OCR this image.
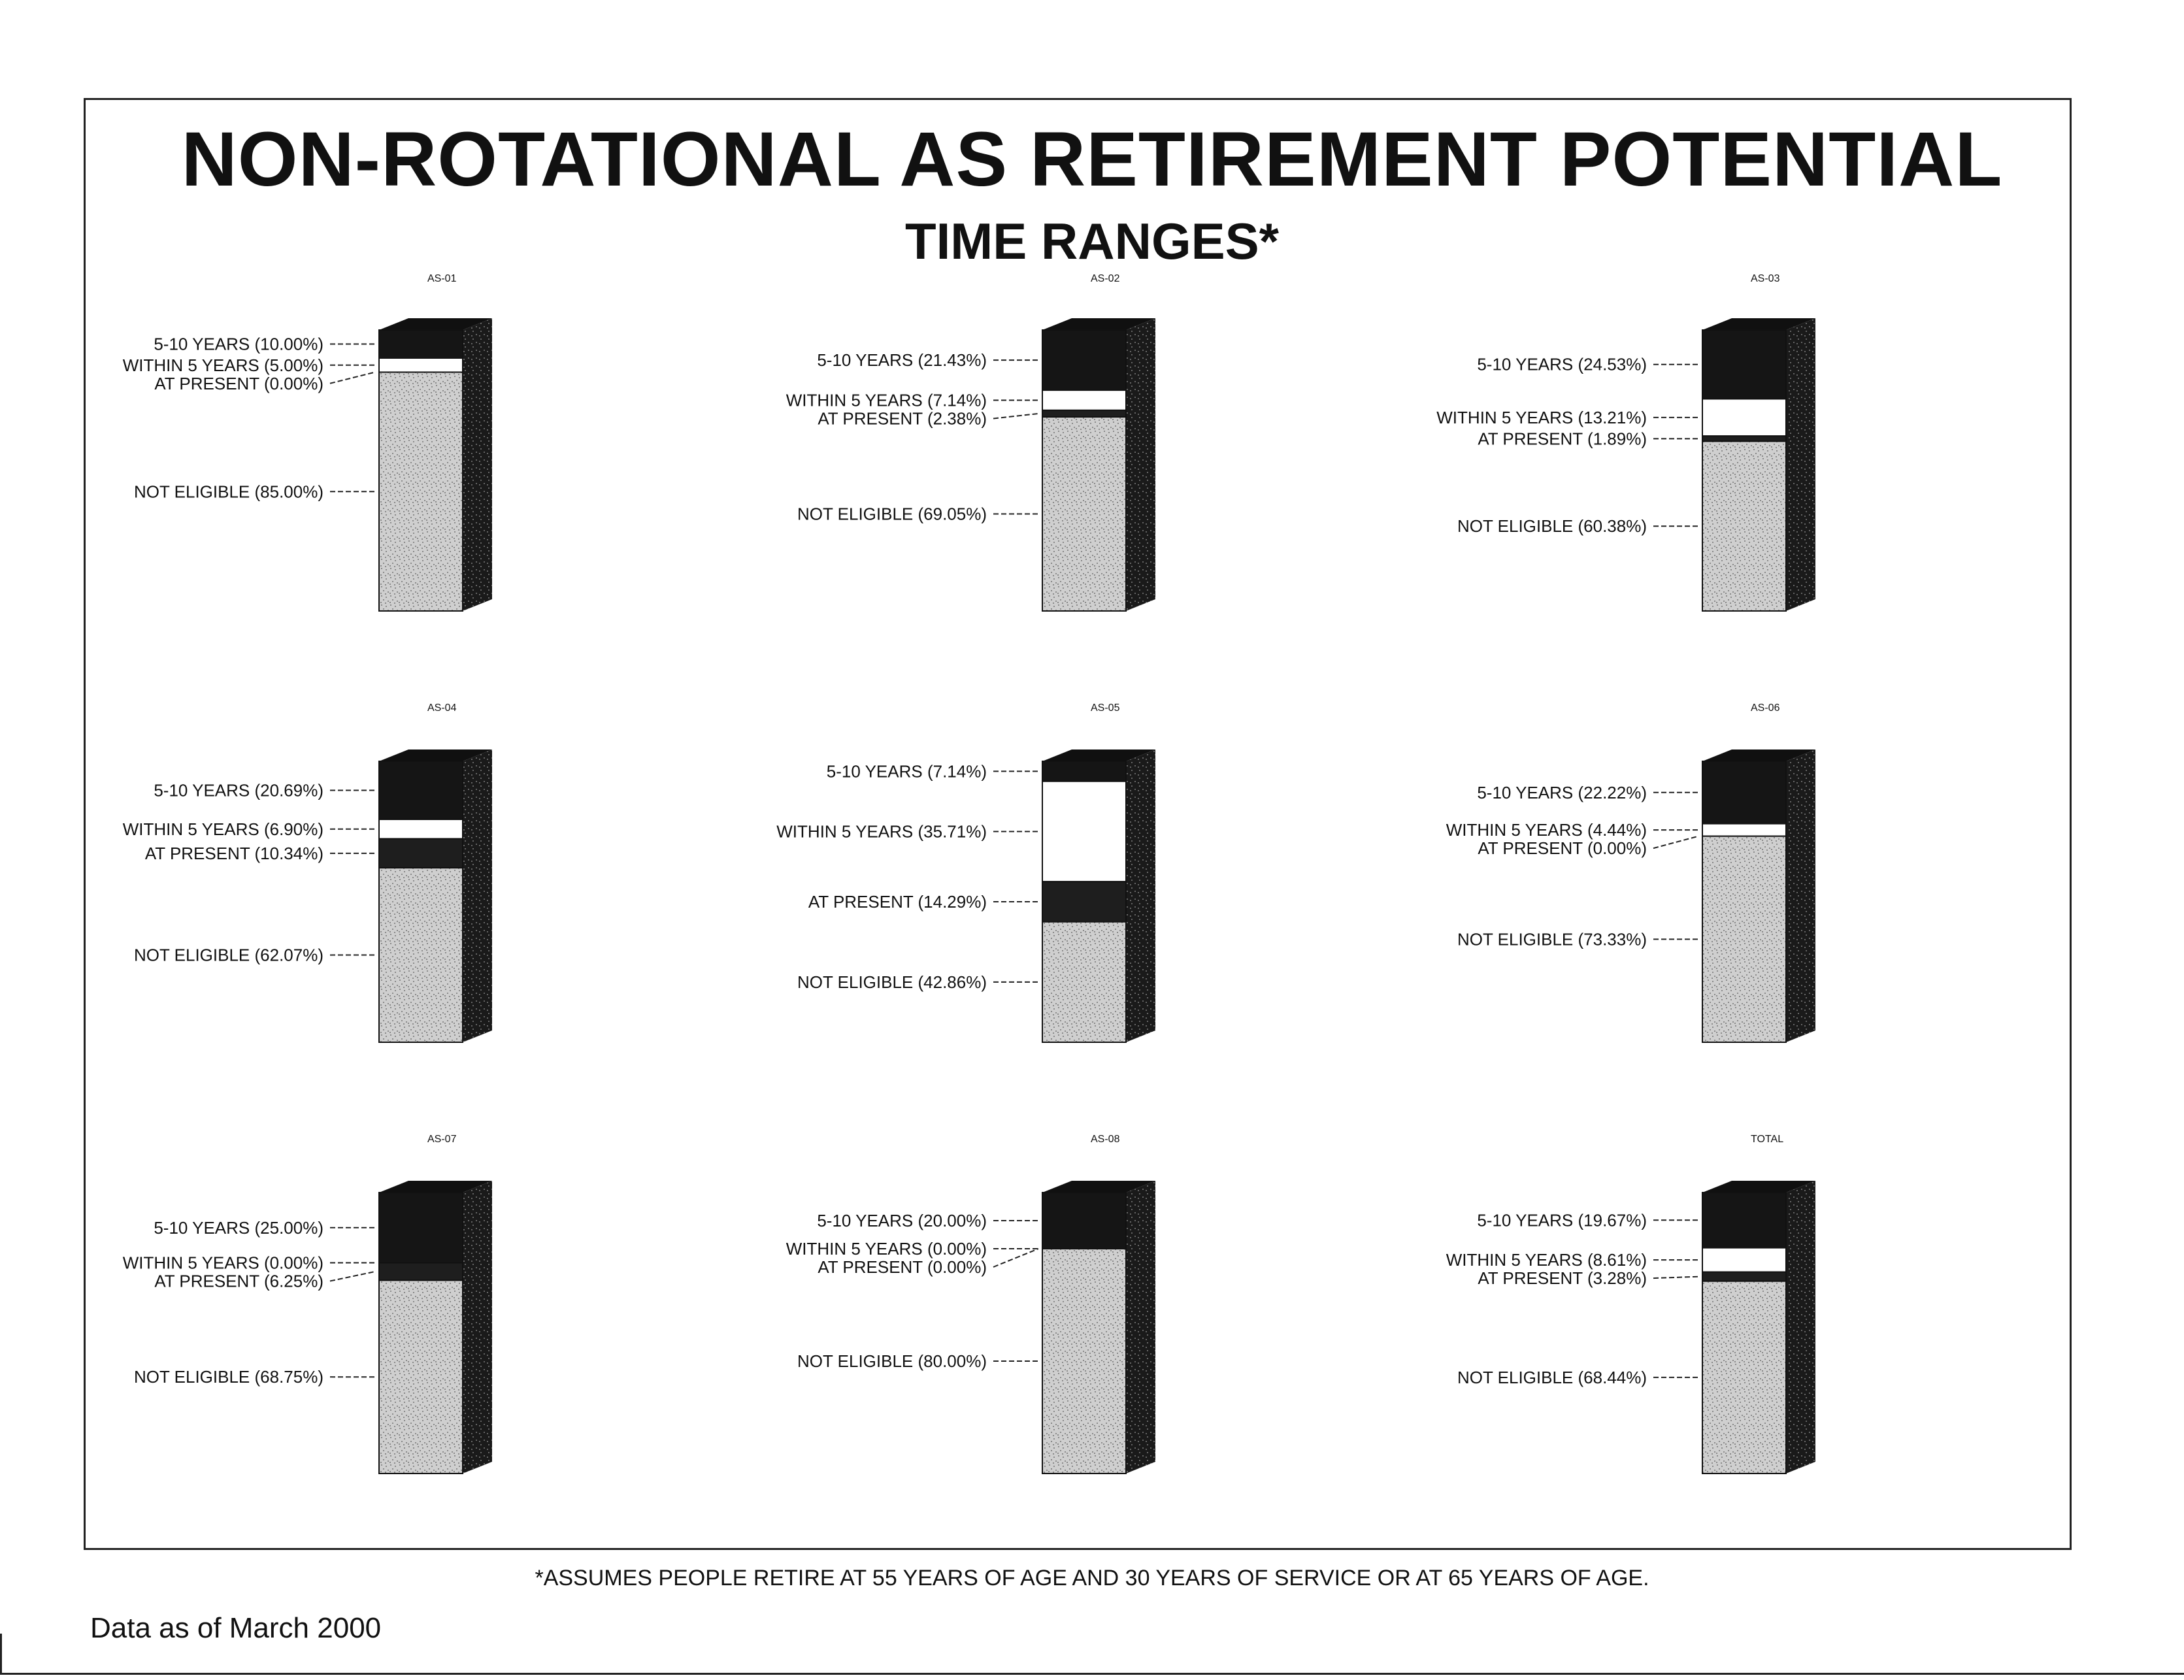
NON-ROTATIONAL AS RETIREMENT POTENTIAL
TIME RANGES*
AS-01
5-10 YEARS (10.00%)
WITHIN 5 YEARS (5.00%)
AT PRESENT (0.00%)
NOT ELIGIBLE (85.00%)
AS-02
5-10 YEARS (21.43%)
WITHIN 5 YEARS (7.14%)
AT PRESENT (2.38%)
NOT ELIGIBLE (69.05%)
AS-03
5-10 YEARS (24.53%)
WITHIN 5 YEARS (13.21%)
AT PRESENT (1.89%)
NOT ELIGIBLE (60.38%)
AS-04
5-10 YEARS (20.69%)
WITHIN 5 YEARS (6.90%)
AT PRESENT (10.34%)
NOT ELIGIBLE (62.07%)
AS-05
5-10 YEARS (7.14%)
WITHIN 5 YEARS (35.71%)
AT PRESENT (14.29%)
NOT ELIGIBLE (42.86%)
AS-06
5-10 YEARS (22.22%)
WITHIN 5 YEARS (4.44%)
AT PRESENT (0.00%)
NOT ELIGIBLE (73.33%)
AS-07
5-10 YEARS (25.00%)
WITHIN 5 YEARS (0.00%)
AT PRESENT (6.25%)
NOT ELIGIBLE (68.75%)
AS-08
5-10 YEARS (20.00%)
WITHIN 5 YEARS (0.00%)
AT PRESENT (0.00%)
NOT ELIGIBLE (80.00%)
TOTAL
5-10 YEARS (19.67%)
WITHIN 5 YEARS (8.61%)
AT PRESENT (3.28%)
NOT ELIGIBLE (68.44%)

*ASSUMES PEOPLE RETIRE AT 55 YEARS OF AGE AND 30 YEARS OF SERVICE OR AT 65 YEARS OF AGE.

Data as of March 2000
